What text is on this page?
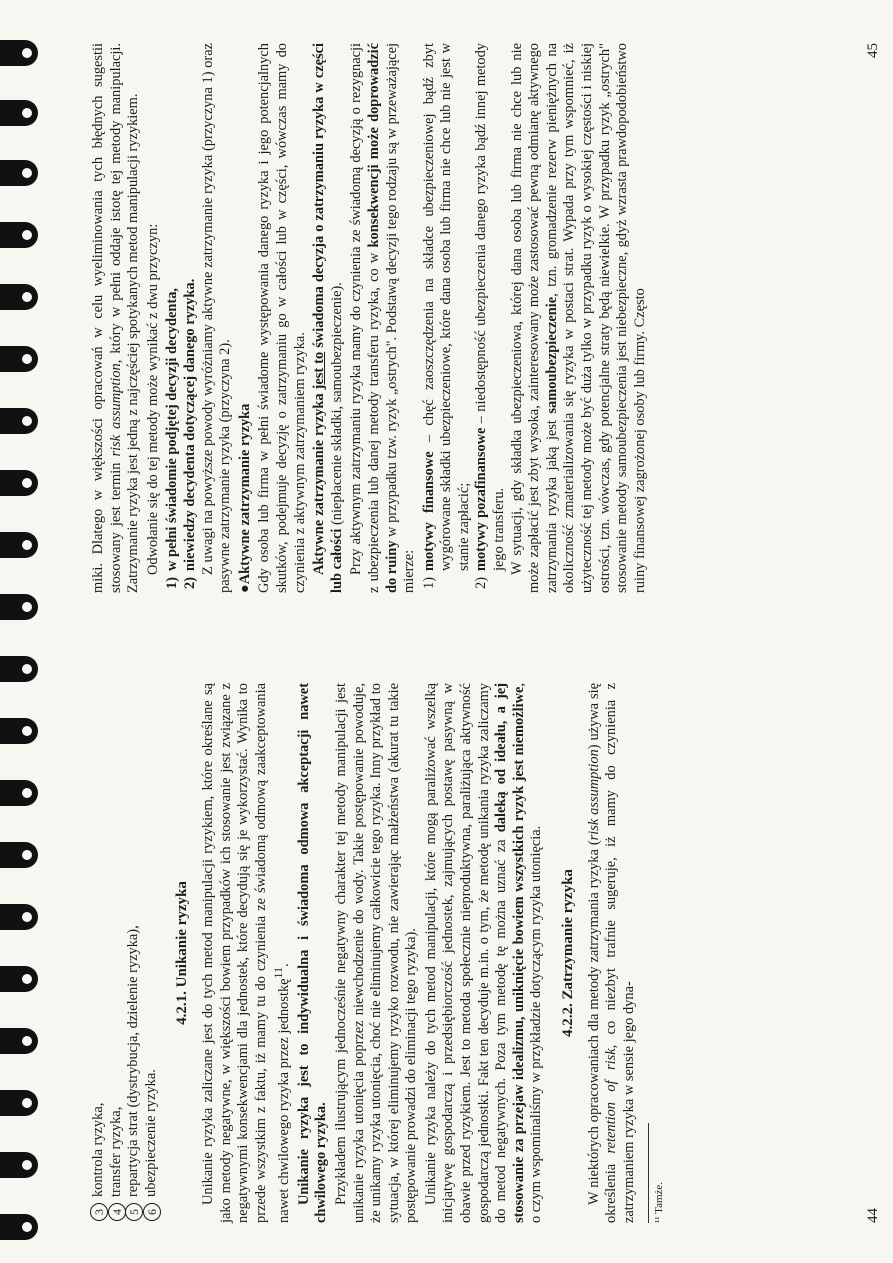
3
kontrola ryzyka,
4
transfer ryzyka,
5
repartycja strat (dystrybucja, dzielenie ryzyka),
6
ubezpieczenie ryzyka.
4.2.1. Unikanie ryzyka Unikanie ryzyka zaliczane jest do tych metod manipulacji ryzykiem, które określane są jako metody negatywne, w większości bowiem przypadków ich stosowanie jest związane z negatywnymi konsekwencjami dla jednostek, które decydują się je wykorzystać. Wynika to przede wszystkim z faktu, iż mamy tu do czynienia ze świadomą odmową zaakceptowania nawet chwilowego ryzyka przez jednostkę$^{11}$. Unikanie ryzyka jest to indywidualna i świadoma odmowa akceptacji nawet chwilowego ryzyka. Przykładem ilustrującym jednocześnie negatywny charakter tej metody manipulacji jest unikanie ryzyka utonięcia poprzez niewchodzenie do wody. Takie postępowanie powoduje, że unikamy ryzyka utonięcia, choć nie eliminujemy całkowicie tego ryzyka. Inny przykład to sytuacja, w której eliminujemy ryzyko rozwodu, nie zawierając małżeństwa (akurat tu takie postępowanie prowadzi do eliminacji tego ryzyka). Unikanie ryzyka należy do tych metod manipulacji, które mogą paraliżować wszelką inicjatywę gospodarczą i przedsiębiorczość jednostek, zajmujących postawę pasywną w obawie przed ryzykiem. Jest to metoda społecznie nieproduktywna, paraliżująca aktywność gospodarczą jednostki. Fakt ten decyduje m.in. o tym, że metodę unikania ryzyka zaliczamy do metod negatywnych. Poza tym metodę tę można uznać za daleką od ideału, a jej stosowanie za przejaw idealizmu, uniknięcie bowiem wszystkich ryzyk jest niemożliwe, o czym wspominaliśmy w przykładzie dotyczącym ryzyka utonięcia. 4.2.2. Zatrzymanie ryzyka W niektórych opracowaniach dla metody zatrzymania ryzyka (risk assumption) używa się określenia retention of risk, co niezbyt trafnie sugeruje, iż mamy do czynienia z zatrzymaniem ryzyka w sensie jego dyna- ¹¹ Tamże.	44

miki. Dlatego w większości opracowań w celu wyeliminowania tych błędnych sugestii stosowany jest termin risk assumption, który w pełni oddaje istotę tej metody manipulacji. Zatrzymanie ryzyka jest jedną z najczęściej spotykanych metod manipulacji ryzykiem. Odwołanie się do tej metody może wynikać z dwu przyczyn:

1)
w pełni świadomie podjętej decyzji decydenta,
2)
niewiedzy decydenta dotyczącej danego ryzyka. Z uwagi na powyższe powody wyróżniamy aktywne zatrzymanie ryzyka (przyczyna 1) oraz pasywne zatrzymanie ryzyka (przyczyna 2).

● Aktywne zatrzymanie ryzyka Gdy osoba lub firma w pełni świadome występowania danego ryzyka i jego potencjalnych skutków, podejmuje decyzję o zatrzymaniu go w całości lub w części, wówczas mamy do czynienia z aktywnym zatrzymaniem ryzyka. Aktywne zatrzymanie ryzyka jest to świadoma decyzja o zatrzymaniu ryzyka w części lub całości (niepłacenie składki, samoubezpieczenie). Przy aktywnym zatrzymaniu ryzyka mamy do czynienia ze świadomą decyzją o rezygnacji z ubezpieczenia lub danej metody transferu ryzyka, co w konsekwencji może doprowadzić do ruiny w przypadku tzw. ryzyk „ostrych". Podstawą decyzji tego rodzaju są w przeważającej mierze: 1)
motywy finansowe – chęć zaoszczędzenia na składce ubezpieczeniowej bądź zbyt wygórowane składki ubezpieczeniowe, które dana osoba lub firma nie chce lub nie jest w stanie zapłacić;
2)
motywy pozafinansowe – niedostępność ubezpieczenia danego ryzyka bądź innej metody jego transferu. W sytuacji, gdy składka ubezpieczeniowa, której dana osoba lub firma nie chce lub nie może zapłacić jest zbyt wysoka, zainteresowany może zastosować pewną odmianę aktywnego zatrzymania ryzyka jaką jest samoubezpieczenie, tzn. gromadzenie rezerw pieniężnych na okoliczność zmaterializowania się ryzyka w postaci strat. Wypada przy tym wspomnieć, iż użyteczność tej metody może być duża tylko w przypadku ryzyk o wysokiej częstości i niskiej ostrości, tzn. wówczas, gdy potencjalne straty będą niewielkie. W przypadku ryzyk „ostrych" stosowanie metody samoubezpieczenia jest niebezpieczne, gdyż wzrasta prawdopodobieństwo ruiny finansowej zagrożonej osoby lub firmy. Często

45
